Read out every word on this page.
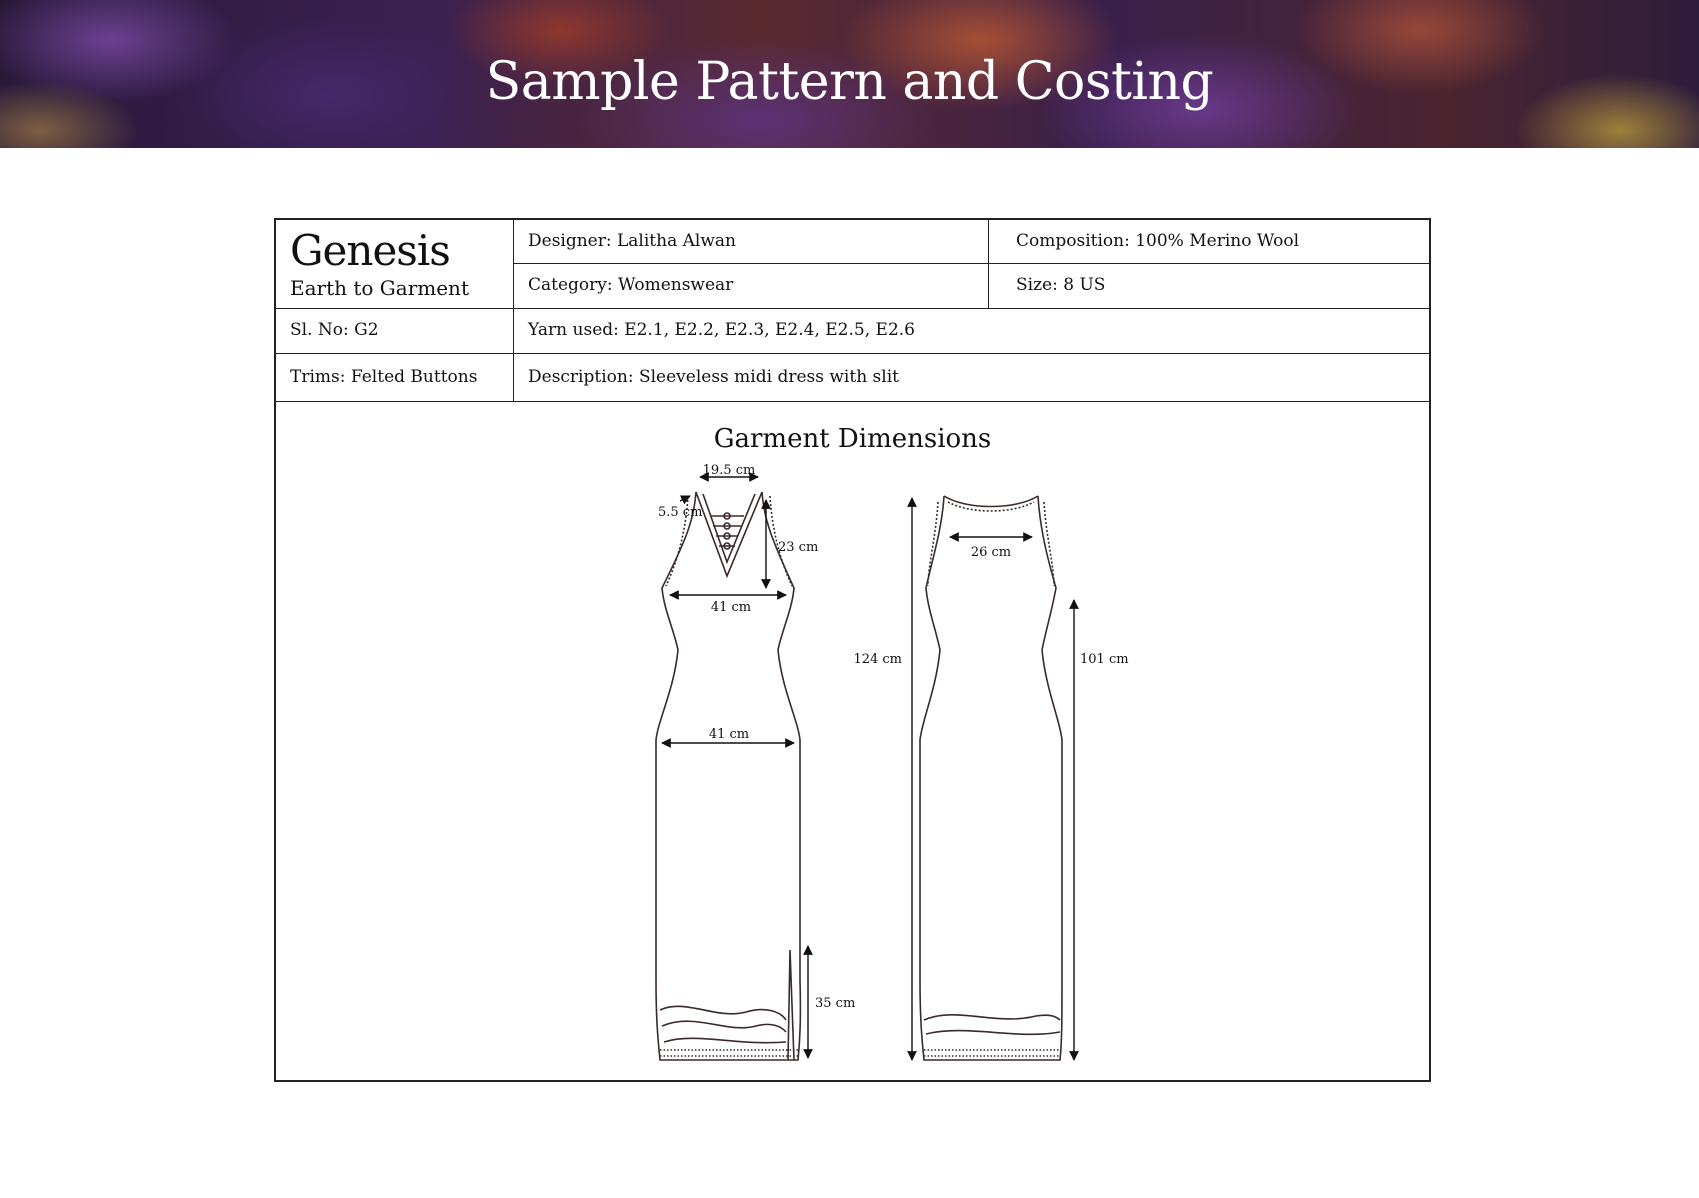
Sample Pattern and Costing
Genesis
Earth to Garment
Designer: Lalitha Alwan	Composition: 100% Merino Wool
Category: Womenswear	Size: 8 US
Sl. No: G2	Yarn used: E2.1, E2.2, E2.3, E2.4, E2.5, E2.6
Trims: Felted Buttons	Description: Sleeveless midi dress with slit
Garment Dimensions
19.5 cm
5.5 cm
23 cm
41 cm
41 cm
35 cm
26 cm
124 cm	101 cm
